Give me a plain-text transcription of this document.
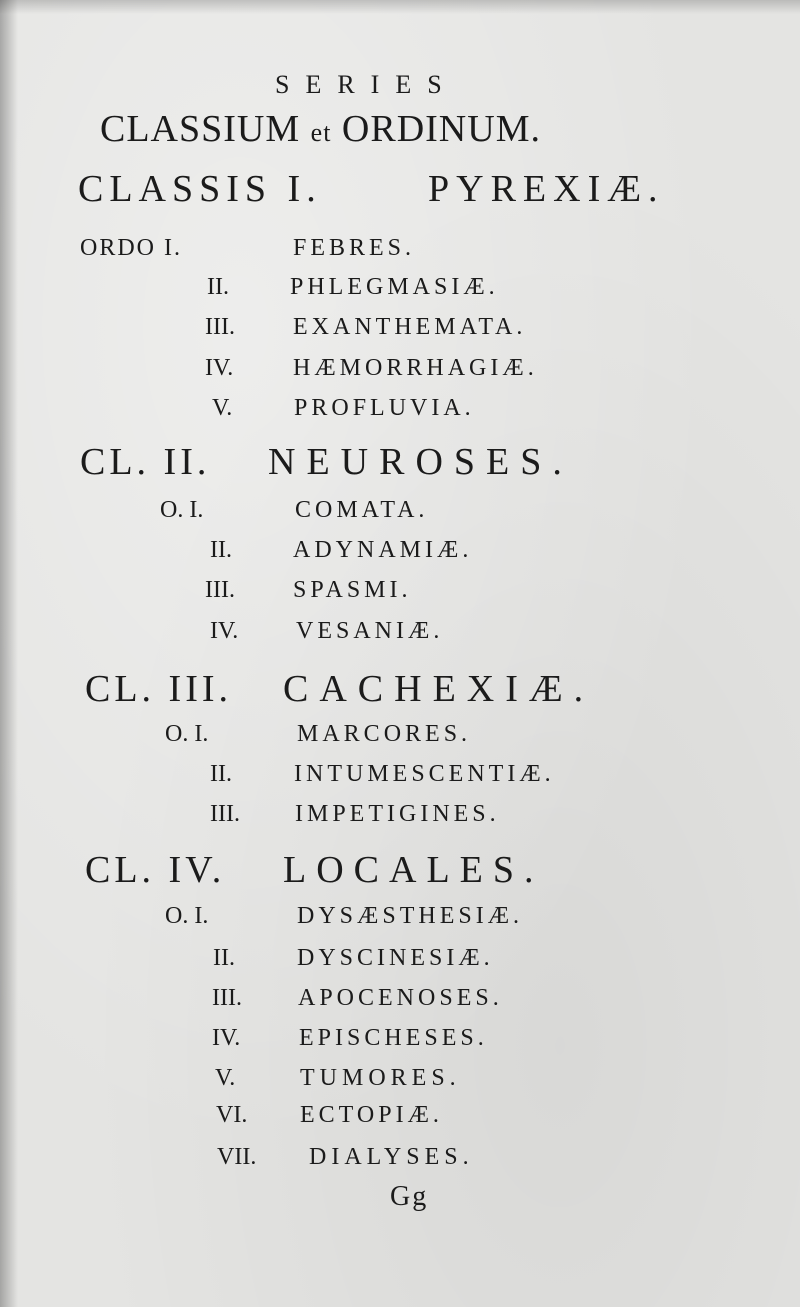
SERIES
CLASSIUM et ORDINUM.
CLASSIS I.	PYREXIÆ.
ORDO I.	FEBRES.
II.	PHLEGMASIÆ.
III. EXANTHEMATA.
IV. HÆMORRHAGIÆ.
V.	PROFLUVIA.
CL. II. NEUROSES.
O. I.	COMATA.
II.	ADYNAMIÆ.
III. SPASMI.
IV. VESANIÆ.
CL. III. CACHEXIÆ.
O. I.	MARCORES.
II.	INTUMESCENTIÆ.
III. IMPETIGINES.
CL. IV. LOCALES.
O. I.	DYSÆSTHESIÆ.
II.	DYSCINESIÆ.
III. APOCENOSES.
IV. EPISCHESES.
V.	TUMORES.
VI. ECTOPIÆ.
VII. DIALYSES.
Gg
